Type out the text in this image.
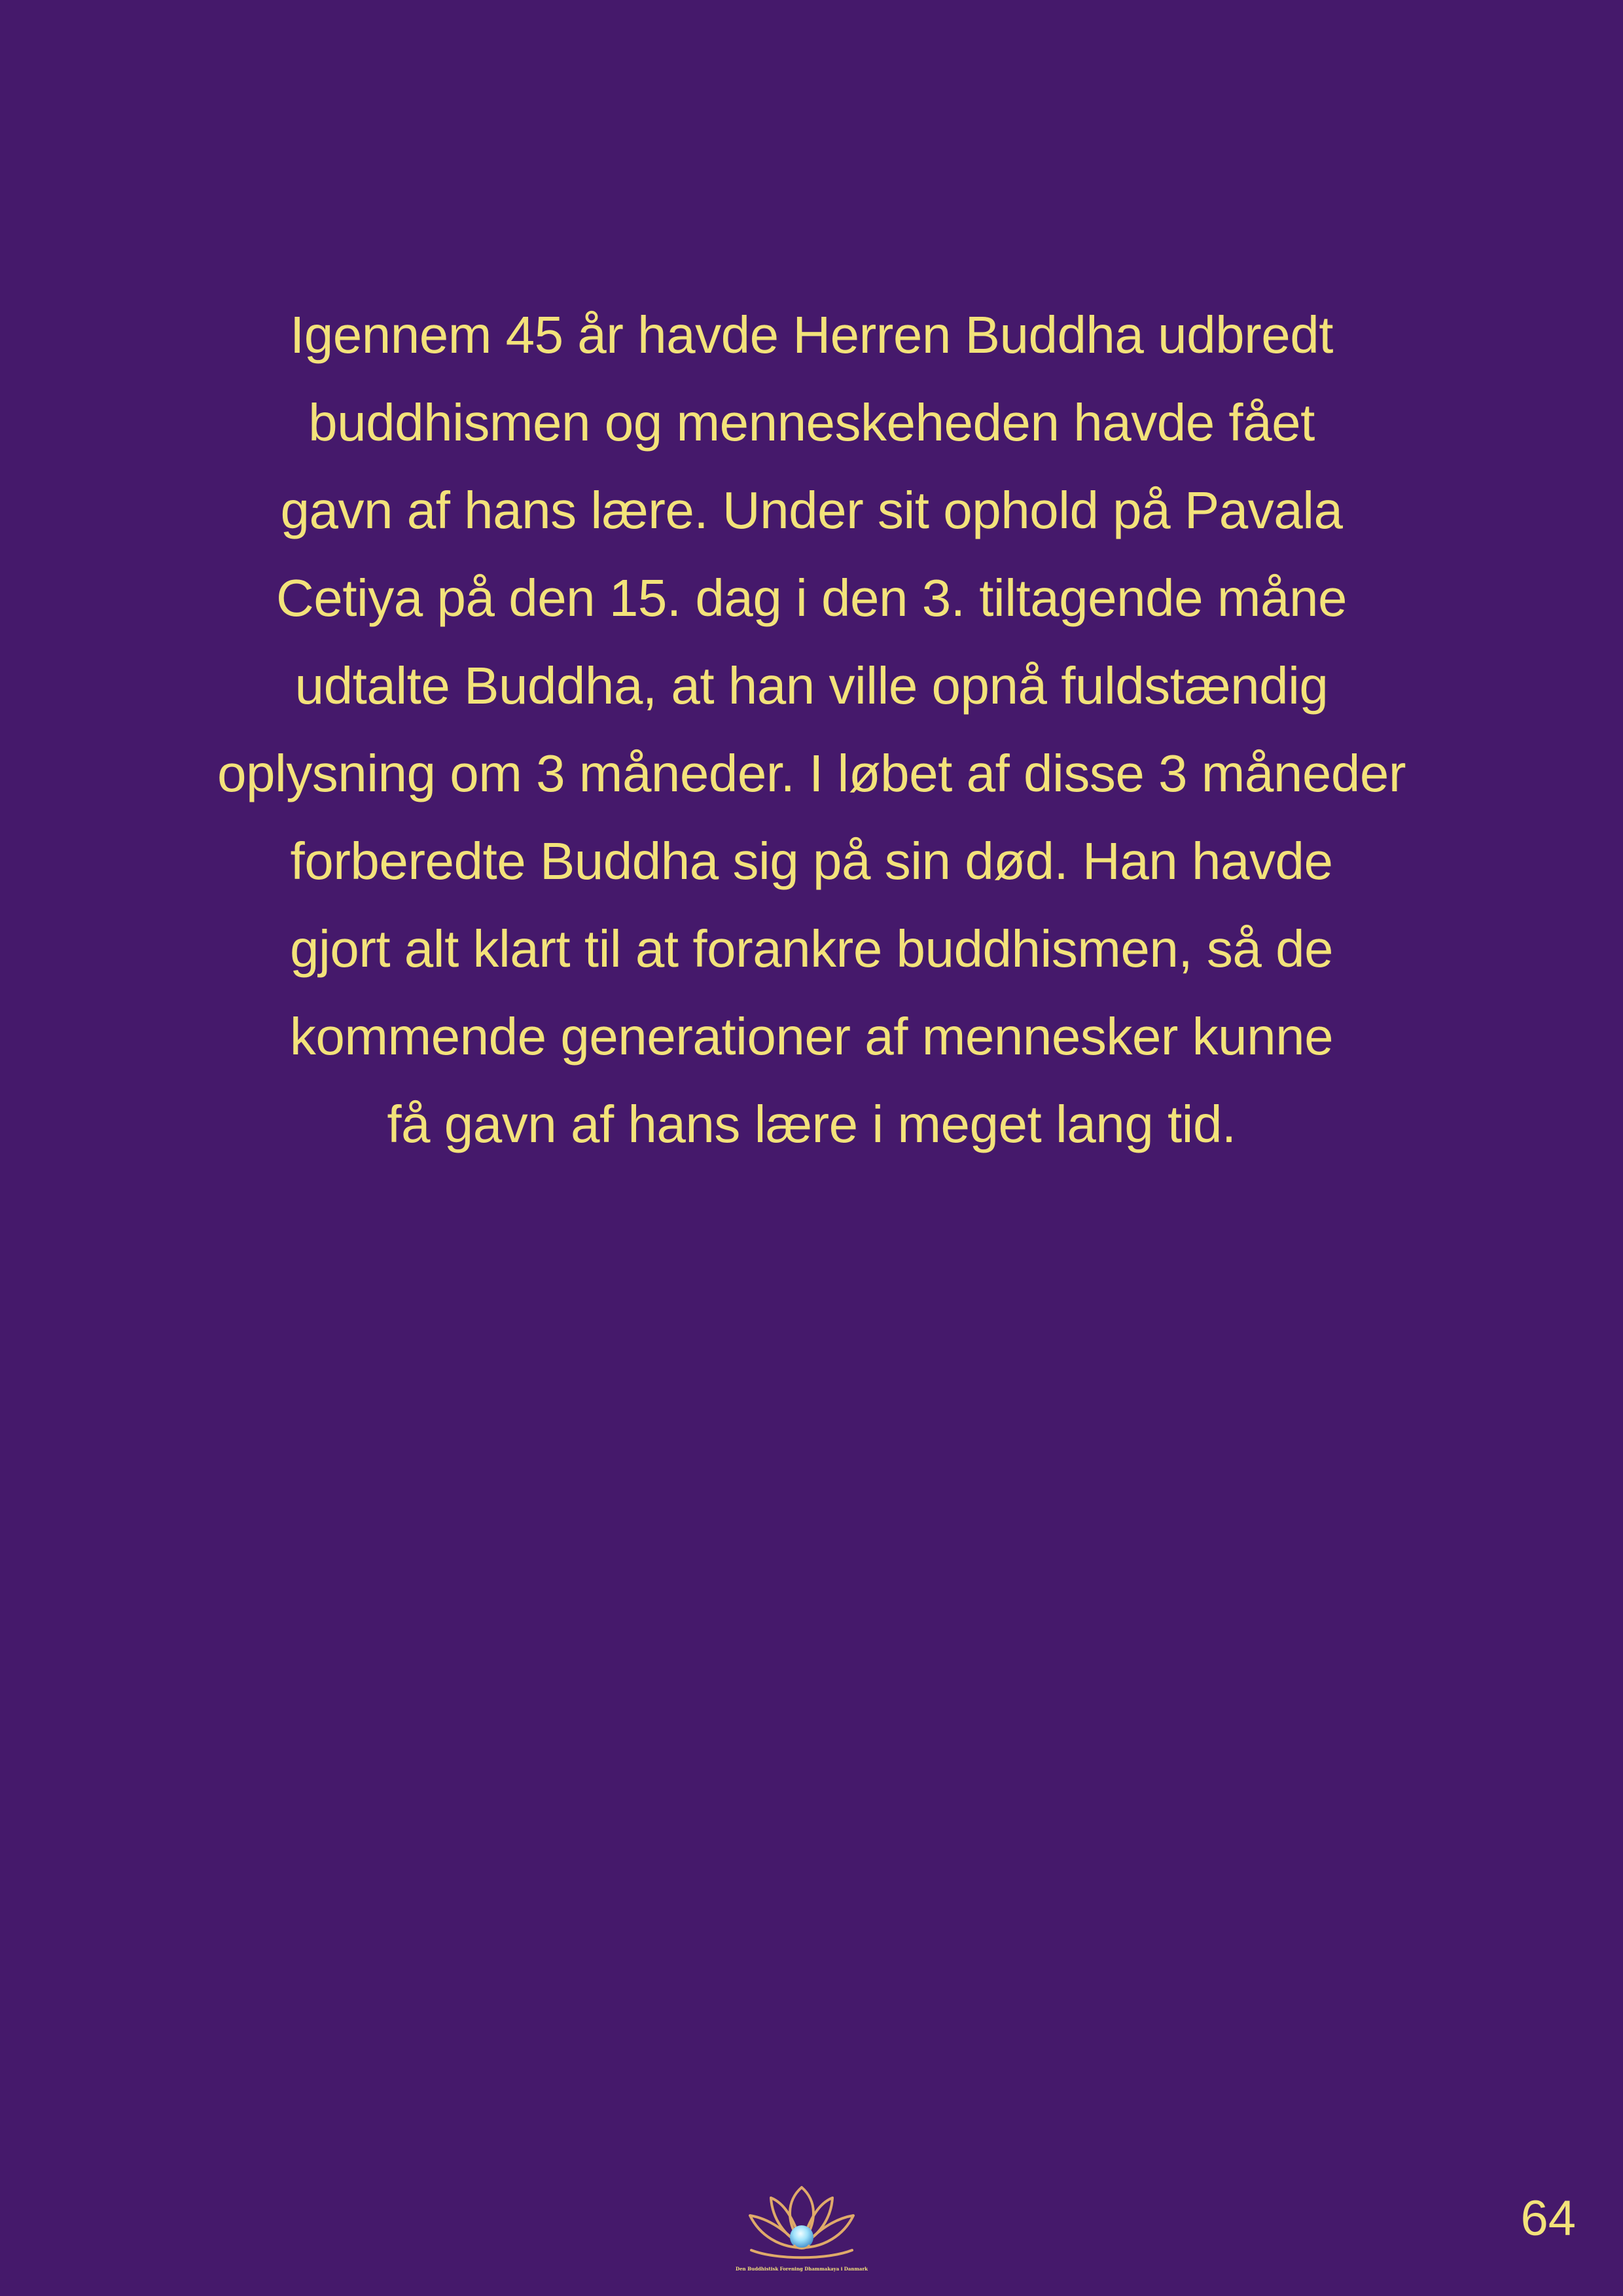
Igennem 45 år havde Herren Buddha udbredt
buddhismen og menneskeheden havde fået
gavn af hans lære. Under sit ophold på Pavala
Cetiya på den 15. dag i den 3. tiltagende måne
udtalte Buddha, at han ville opnå fuldstændig
oplysning om 3 måneder. I løbet af disse 3 måneder
forberedte Buddha sig på sin død. Han havde
gjort alt klart til at forankre buddhismen, så de
kommende generationer af mennesker kunne
få gavn af hans lære i meget lang tid.

Den Buddhistisk Forening Dhammakaya i Danmark
64
